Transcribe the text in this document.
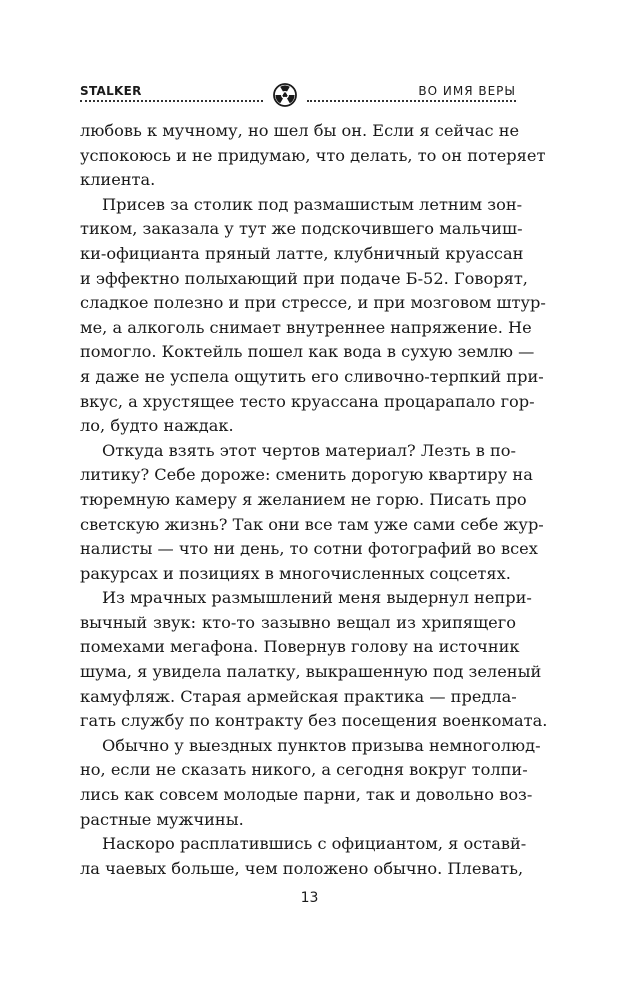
STALKER	ВО ИМЯ ВЕРЫ

любовь к мучному, но шел бы он. Если я сейчас не
успокоюсь и не придумаю, что делать, то он потеряет
клиента.

Присев за столик под размашистым летним зон-
тиком, заказала у тут же подскочившего мальчиш-
ки-официанта пряный латте, клубничный круассан
и эффектно полыхающий при подаче Б-52. Говорят,
сладкое полезно и при стрессе, и при мозговом штур-
ме, а алкоголь снимает внутреннее напряжение. Не
помогло. Коктейль пошел как вода в сухую землю —
я даже не успела ощутить его сливочно-терпкий при-
вкус, а хрустящее тесто круассана процарапало гор-
ло, будто наждак.

Откуда взять этот чертов материал? Лезть в по-
литику? Себе дороже: сменить дорогую квартиру на
тюремную камеру я желанием не горю. Писать про
светскую жизнь? Так они все там уже сами себе жур-
налисты — что ни день, то сотни фотографий во всех
ракурсах и позициях в многочисленных соцсетях.

Из мрачных размышлений меня выдернул непри-
вычный звук: кто-то зазывно вещал из хрипящего
помехами мегафона. Повернув голову на источник
шума, я увидела палатку, выкрашенную под зеленый
камуфляж. Старая армейская практика — предла-
гать службу по контракту без посещения военкомата.

Обычно у выездных пунктов призыва немноголюд-
но, если не сказать никого, а сегодня вокруг толпи-
лись как совсем молодые парни, так и довольно воз-
растные мужчины.

Наскоро расплатившись с официантом, я оставй-
ла чаевых больше, чем положено обычно. Плевать,

13
